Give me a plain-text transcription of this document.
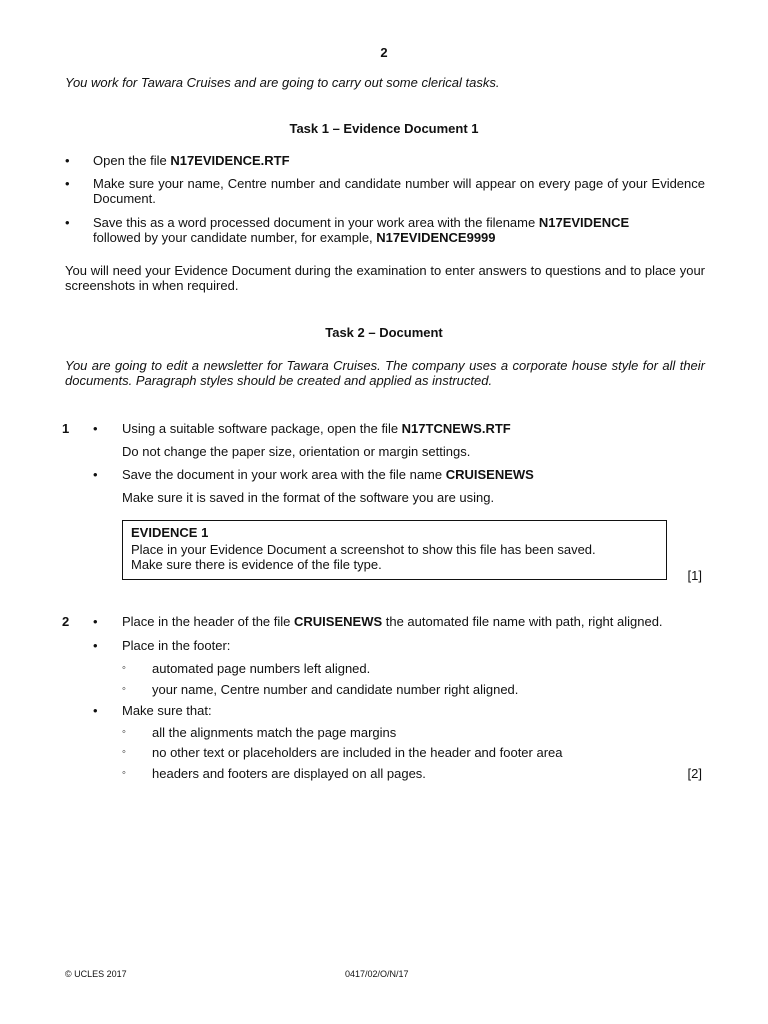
2
You work for Tawara Cruises and are going to carry out some clerical tasks.
Task 1 – Evidence Document 1
• Open the file N17EVIDENCE.RTF
• Make sure your name, Centre number and candidate number will appear on every page of your Evidence Document.
• Save this as a word processed document in your work area with the filename N17EVIDENCE
followed by your candidate number, for example, N17EVIDENCE9999
You will need your Evidence Document during the examination to enter answers to questions and to place your screenshots in when required.
Task 2 – Document
You are going to edit a newsletter for Tawara Cruises. The company uses a corporate house style for all their documents. Paragraph styles should be created and applied as instructed.
1 • Using a suitable software package, open the file N17TCNEWS.RTF
Do not change the paper size, orientation or margin settings.
• Save the document in your work area with the file name CRUISENEWS
Make sure it is saved in the format of the software you are using.
EVIDENCE 1
Place in your Evidence Document a screenshot to show this file has been saved.
Make sure there is evidence of the file type.
[1]
2 • Place in the header of the file CRUISENEWS the automated file name with path, right aligned.
• Place in the footer:
◦ automated page numbers left aligned.
◦ your name, Centre number and candidate number right aligned.
• Make sure that:
◦ all the alignments match the page margins
◦ no other text or placeholders are included in the header and footer area
◦ headers and footers are displayed on all pages.	[2]
© UCLES 2017	0417/02/O/N/17
